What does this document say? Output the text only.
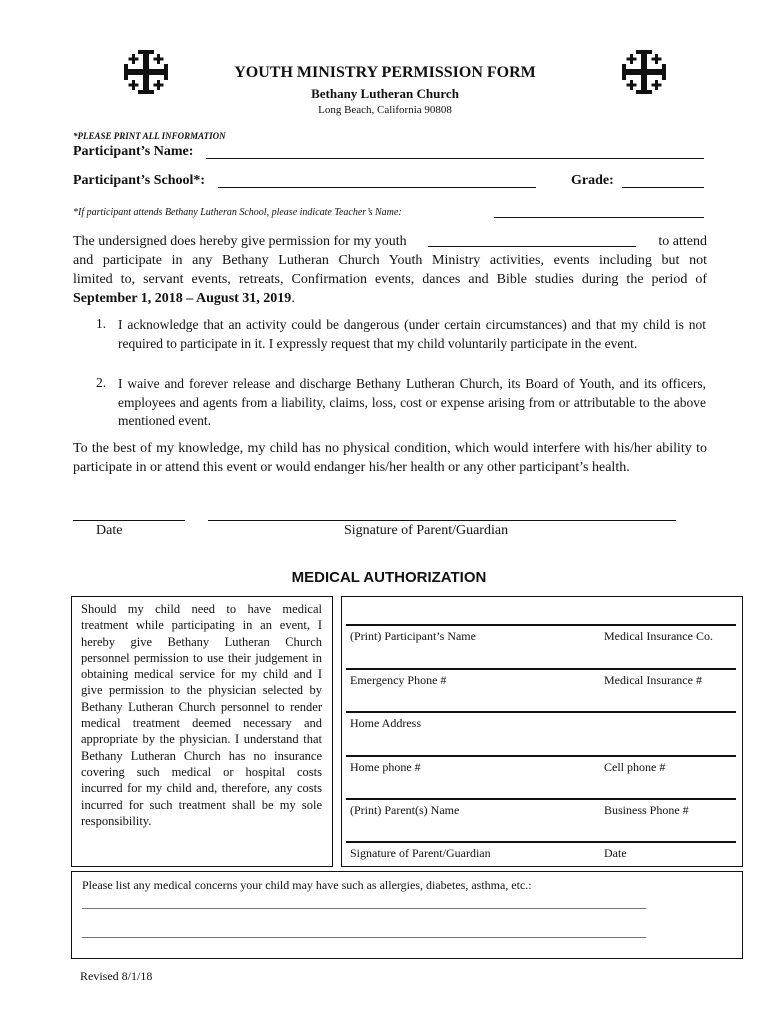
YOUTH MINISTRY PERMISSION FORM
Bethany Lutheran Church
Long Beach, California 90808
*PLEASE PRINT ALL INFORMATION
Participant’s Name:
Participant’s School*:	Grade:
*If participant attends Bethany Lutheran School, please indicate Teacher’s Name:
The undersigned does hereby give permission for my youth	to attend
and participate in any Bethany Lutheran Church Youth Ministry activities, events including but not
limited to, servant events, retreats, Confirmation events, dances and Bible studies during the period of
September 1, 2018 – August 31, 2019.
1. I acknowledge that an activity could be dangerous (under certain circumstances) and that my child is not required to participate in it. I expressly request that my child voluntarily participate in the event.
2. I waive and forever release and discharge Bethany Lutheran Church, its Board of Youth, and its officers, employees and agents from a liability, claims, loss, cost or expense arising from or attributable to the above mentioned event.
To the best of my knowledge, my child has no physical condition, which would interfere with his/her ability to participate in or attend this event or would endanger his/her health or any other participant’s health.
Date	Signature of Parent/Guardian
MEDICAL AUTHORIZATION
Should my child need to have medical treatment while participating in an event, I hereby give Bethany Lutheran Church personnel permission to use their judgement in obtaining medical service for my child and I give permission to the physician selected by Bethany Lutheran Church personnel to render medical treatment deemed necessary and appropriate by the physician. I understand that Bethany Lutheran Church has no insurance covering such medical or hospital costs incurred for my child and, therefore, any costs incurred for such treatment shall be my sole responsibility.
(Print) Participant’s Name	Medical Insurance Co.
Emergency Phone #	Medical Insurance #
Home Address
Home phone #	Cell phone #
(Print) Parent(s) Name	Business Phone #
Signature of Parent/Guardian	Date
Please list any medical concerns your child may have such as allergies, diabetes, asthma, etc.:
______________________________________________________________________________________________
______________________________________________________________________________________________
Revised 8/1/18
